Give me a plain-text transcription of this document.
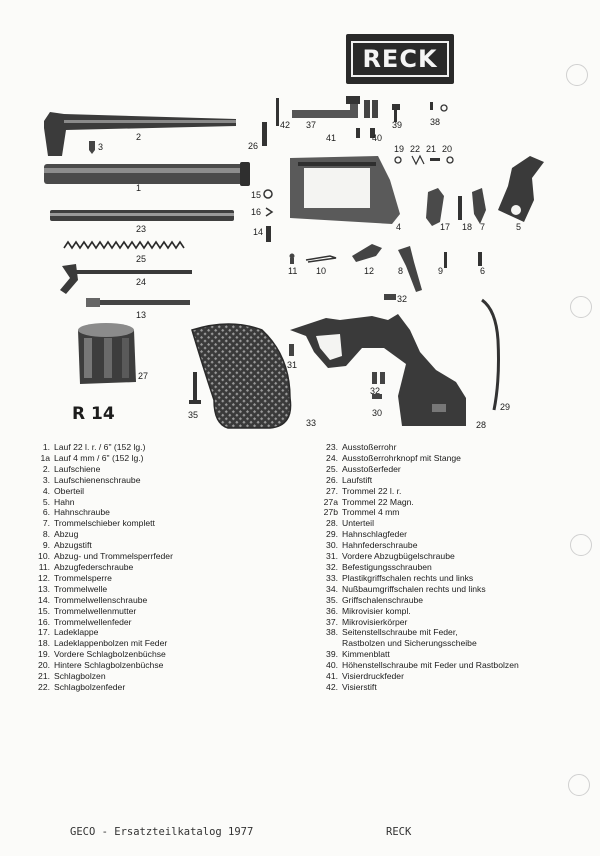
RECK
2
3
1
26
23
25
24
13
27
33
35
42 37
41
39
40
38
19 22 21 20
4	17 18 7	5
15
16
14
11 10	12	8	9	6
32
31
32
30
28
29
R 14
1. Lauf 22 l. r. / 6" (152 lg.)
1a Lauf 4 mm / 6" (152 lg.)
2. Laufschiene
3. Laufschienenschraube
4. Oberteil
5. Hahn
6. Hahnschraube
7. Trommelschieber komplett
8. Abzug
9. Abzugstift
10. Abzug- und Trommelsperrfeder
11. Abzugfederschraube
12. Trommelsperre
13. Trommelwelle
14. Trommelwellenschraube
15. Trommelwellenmutter
16. Trommelwellenfeder
17. Ladeklappe
18. Ladeklappenbolzen mit Feder
19. Vordere Schlagbolzenbüchse
20. Hintere Schlagbolzenbüchse
21. Schlagbolzen
22. Schlagbolzenfeder
23. Ausstoßerrohr
24. Ausstoßerrohrknopf mit Stange
25. Ausstoßerfeder
26. Laufstift
27. Trommel 22 l. r.
27a Trommel 22 Magn.
27b Trommel 4 mm
28. Unterteil
29. Hahnschlagfeder
30. Hahnfederschraube
31. Vordere Abzugbügelschraube
32. Befestigungsschrauben
33. Plastikgriffschalen rechts und links
34. Nußbaumgriffschalen rechts und links
35. Griffschalenschraube
36. Mikrovisier kompl.
37. Mikrovisierkörper
38. Seitenstellschraube mit Feder,
Rastbolzen und Sicherungsscheibe
39. Kimmenblatt
40. Höhenstellschraube mit Feder und Rastbolzen
41. Visierdruckfeder
42. Visierstift
GECO - Ersatzteilkatalog 1977	RECK
